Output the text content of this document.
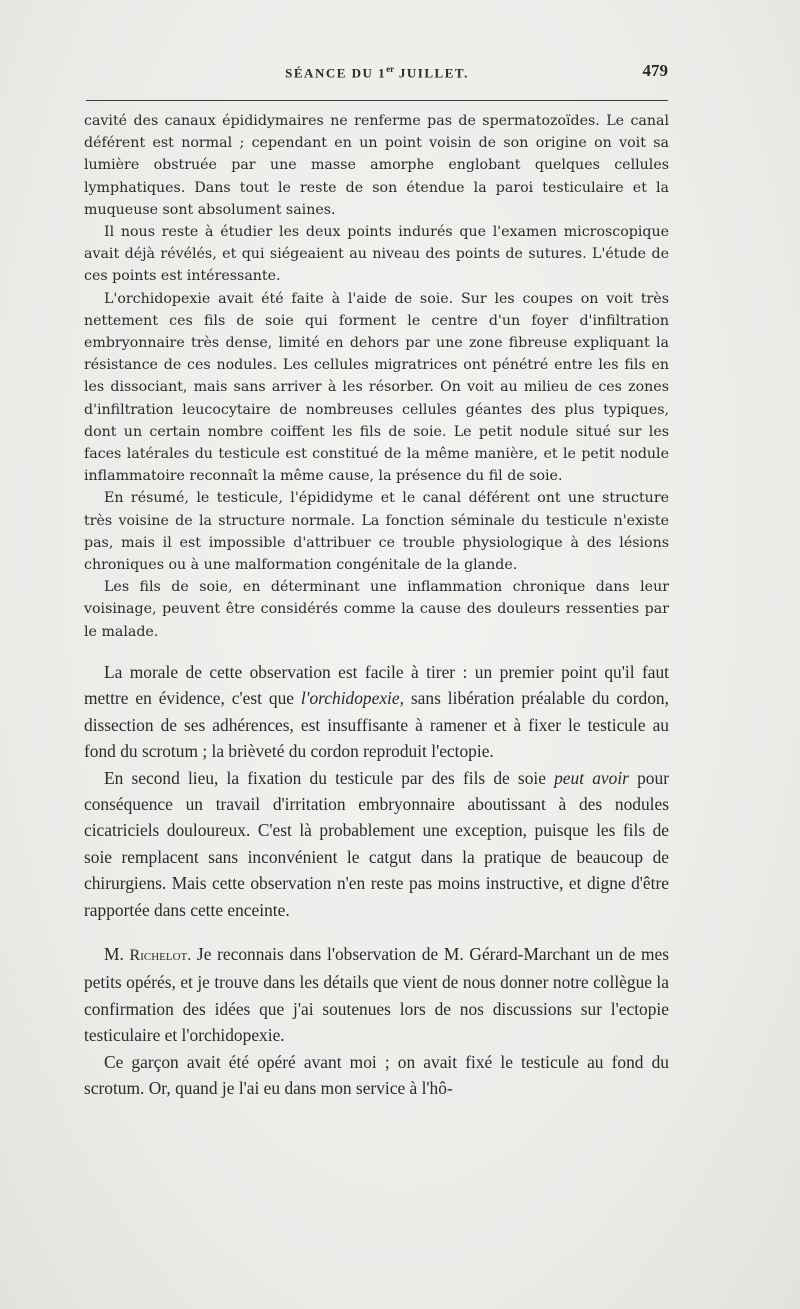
SÉANCE DU 1er JUILLET.	479

cavité des canaux épididymaires ne renferme pas de spermatozoïdes. Le canal déférent est normal ; cependant en un point voisin de son origine on voit sa lumière obstruée par une masse amorphe englobant quelques cellules lymphatiques. Dans tout le reste de son étendue la paroi testiculaire et la muqueuse sont absolument saines.

Il nous reste à étudier les deux points indurés que l'examen microscopique avait déjà révélés, et qui siégeaient au niveau des points de sutures. L'étude de ces points est intéressante.

L'orchidopexie avait été faite à l'aide de soie. Sur les coupes on voit très nettement ces fils de soie qui forment le centre d'un foyer d'infiltration embryonnaire très dense, limité en dehors par une zone fibreuse expliquant la résistance de ces nodules. Les cellules migratrices ont pénétré entre les fils en les dissociant, mais sans arriver à les résorber. On voit au milieu de ces zones d'infiltration leucocytaire de nombreuses cellules géantes des plus typiques, dont un certain nombre coiffent les fils de soie. Le petit nodule situé sur les faces latérales du testicule est constitué de la même manière, et le petit nodule inflammatoire reconnaît la même cause, la présence du fil de soie.

En résumé, le testicule, l'épididyme et le canal déférent ont une structure très voisine de la structure normale. La fonction séminale du testicule n'existe pas, mais il est impossible d'attribuer ce trouble physiologique à des lésions chroniques ou à une malformation congénitale de la glande.

Les fils de soie, en déterminant une inflammation chronique dans leur voisinage, peuvent être considérés comme la cause des douleurs ressenties par le malade.

La morale de cette observation est facile à tirer : un premier point qu'il faut mettre en évidence, c'est que l'orchidopexie, sans libération préalable du cordon, dissection de ses adhérences, est insuffisante à ramener et à fixer le testicule au fond du scrotum ; la brièveté du cordon reproduit l'ectopie.

En second lieu, la fixation du testicule par des fils de soie peut avoir pour conséquence un travail d'irritation embryonnaire aboutissant à des nodules cicatriciels douloureux. C'est là probablement une exception, puisque les fils de soie remplacent sans inconvénient le catgut dans la pratique de beaucoup de chirurgiens. Mais cette observation n'en reste pas moins instructive, et digne d'être rapportée dans cette enceinte.

M. Richelot. Je reconnais dans l'observation de M. Gérard-Marchant un de mes petits opérés, et je trouve dans les détails que vient de nous donner notre collègue la confirmation des idées que j'ai soutenues lors de nos discussions sur l'ectopie testiculaire et l'orchidopexie.

Ce garçon avait été opéré avant moi ; on avait fixé le testicule au fond du scrotum. Or, quand je l'ai eu dans mon service à l'hô-
